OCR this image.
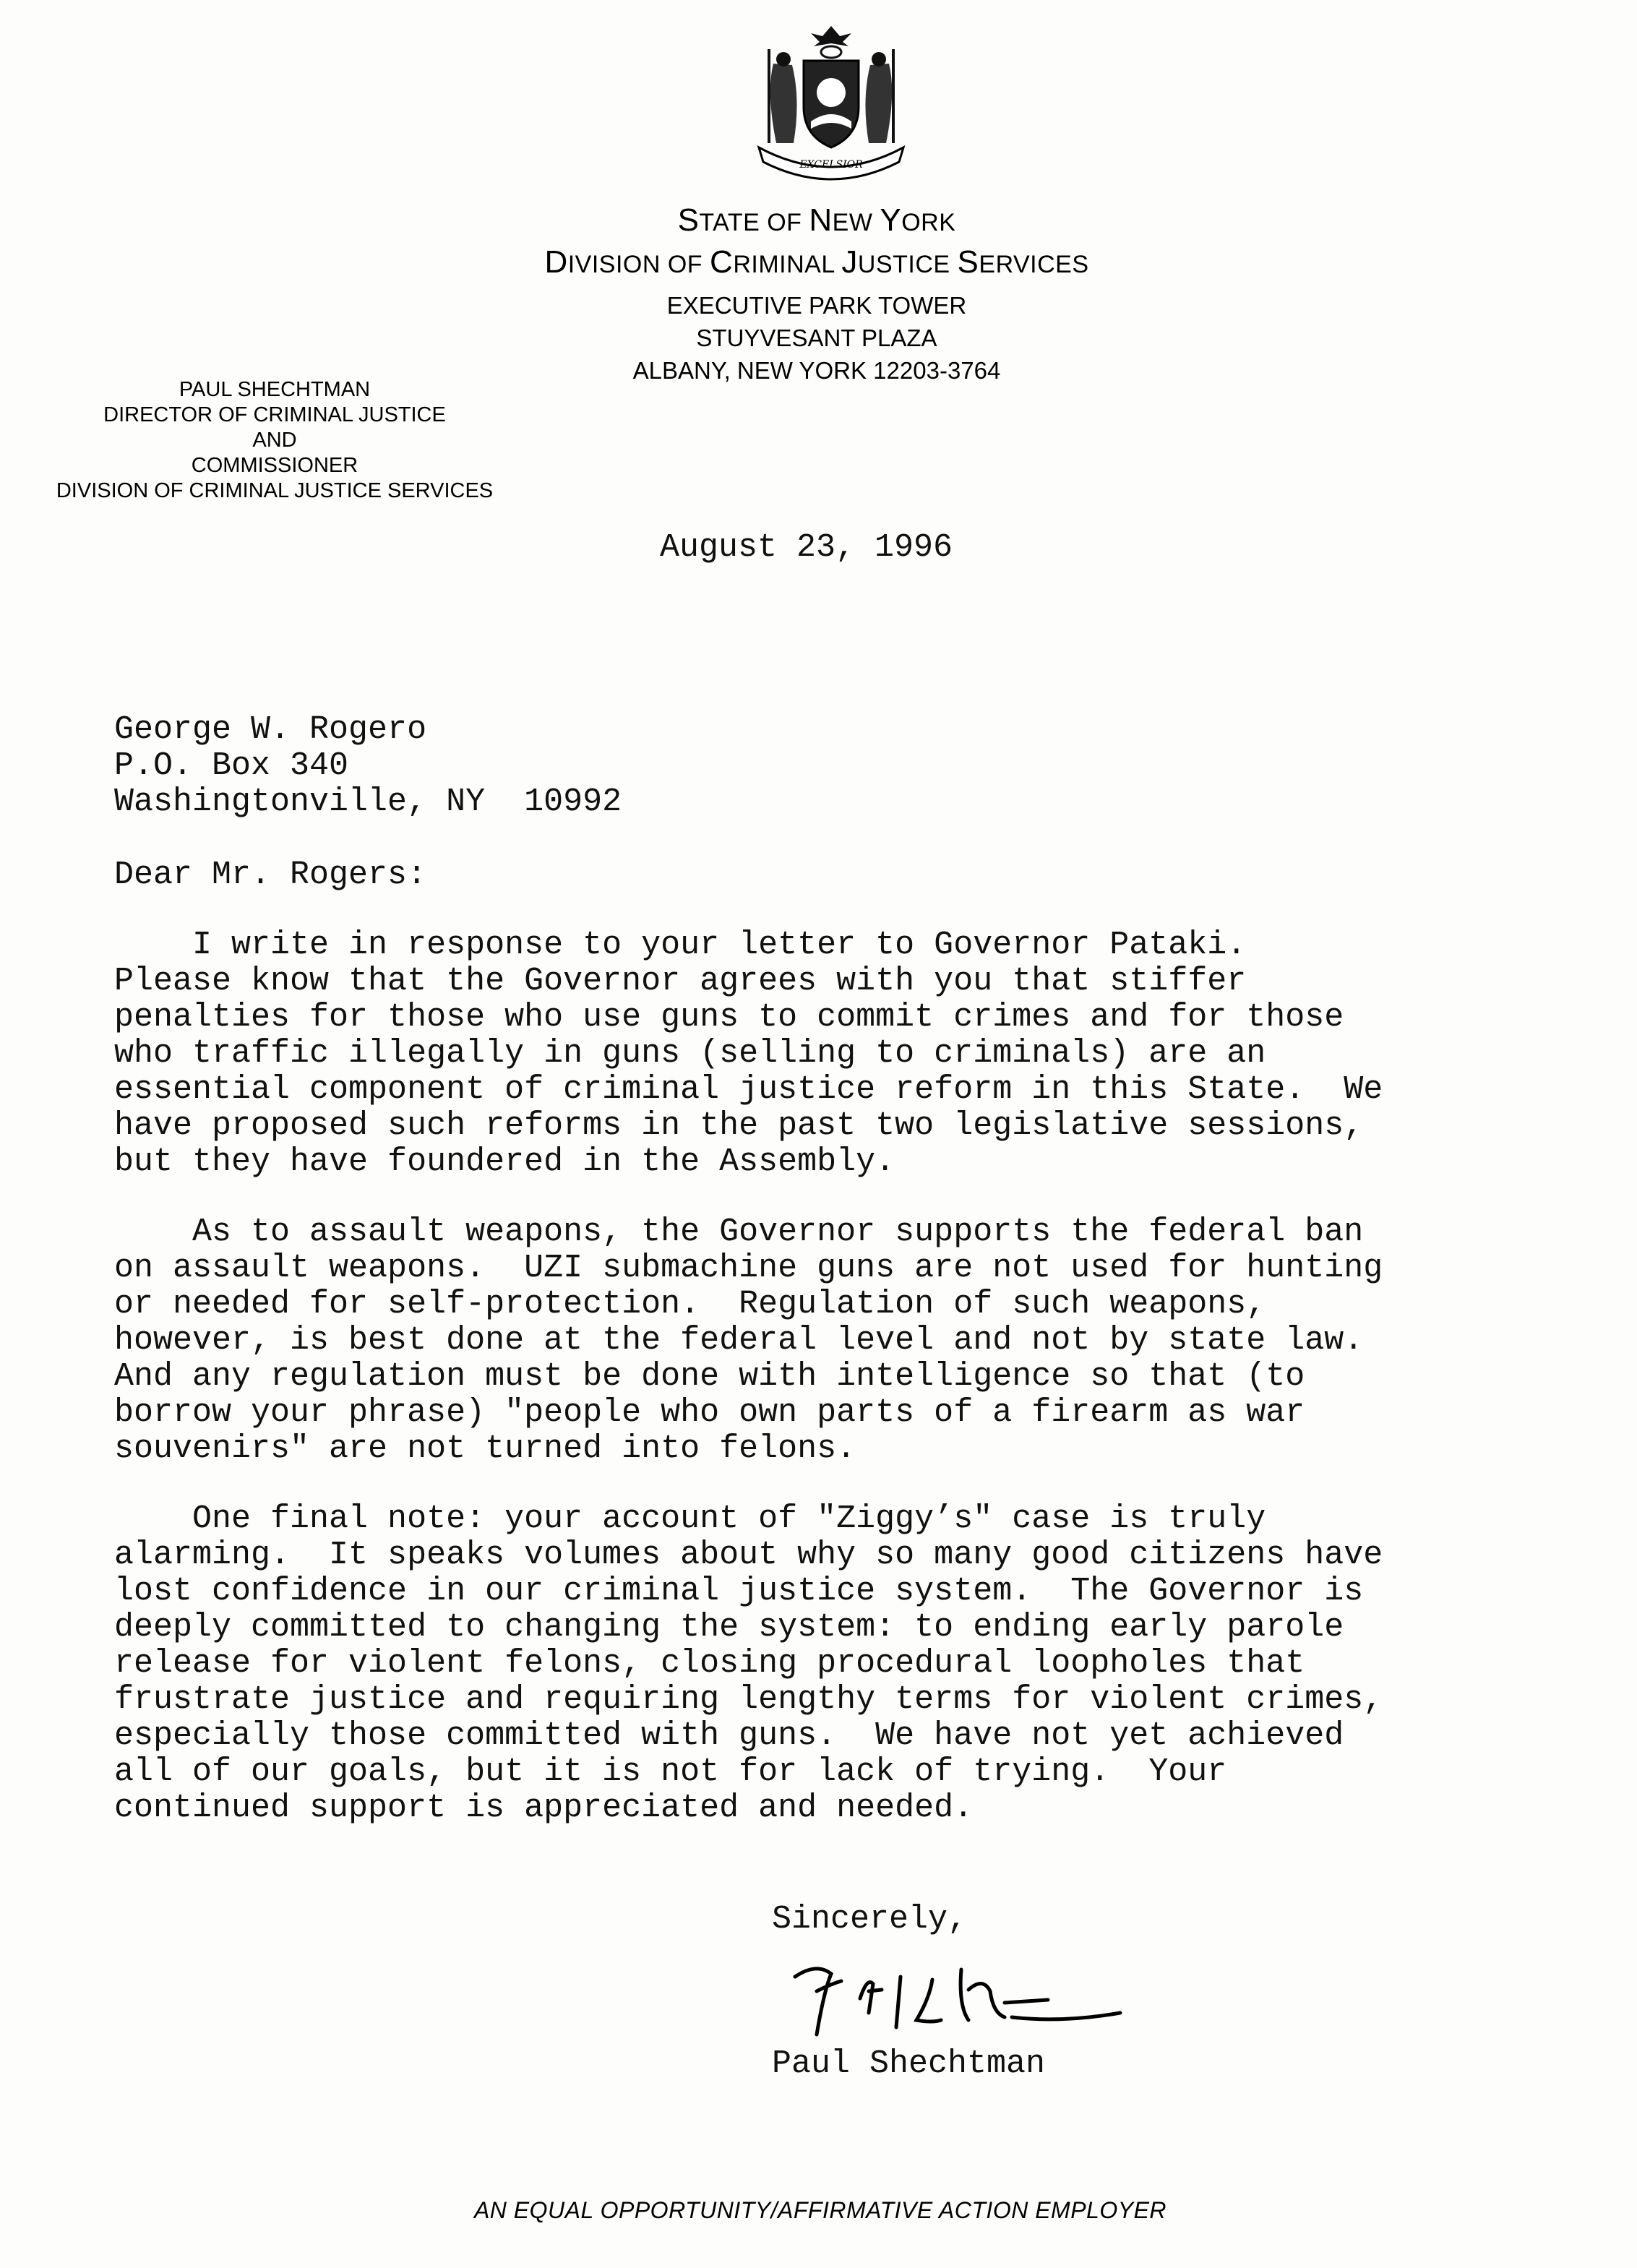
EXCELSIOR
STATE OF NEW YORK
DIVISION OF CRIMINAL JUSTICE SERVICES
EXECUTIVE PARK TOWER
STUYVESANT PLAZA
ALBANY, NEW YORK 12203-3764
PAUL SHECHTMAN
DIRECTOR OF CRIMINAL JUSTICE
AND
COMMISSIONER
DIVISION OF CRIMINAL JUSTICE SERVICES
August 23, 1996
George W. Rogero
P.O. Box 340
Washingtonville, NY  10992
Dear Mr. Rogers:
I write in response to your letter to Governor Pataki.
Please know that the Governor agrees with you that stiffer
penalties for those who use guns to commit crimes and for those
who traffic illegally in guns (selling to criminals) are an
essential component of criminal justice reform in this State.  We
have proposed such reforms in the past two legislative sessions,
but they have foundered in the Assembly.
As to assault weapons, the Governor supports the federal ban
on assault weapons.  UZI submachine guns are not used for hunting
or needed for self-protection.  Regulation of such weapons,
however, is best done at the federal level and not by state law.
And any regulation must be done with intelligence so that (to
borrow your phrase) "people who own parts of a firearm as war
souvenirs" are not turned into felons.
One final note: your account of "Ziggy’s" case is truly
alarming.  It speaks volumes about why so many good citizens have
lost confidence in our criminal justice system.  The Governor is
deeply committed to changing the system: to ending early parole
release for violent felons, closing procedural loopholes that
frustrate justice and requiring lengthy terms for violent crimes,
especially those committed with guns.  We have not yet achieved
all of our goals, but it is not for lack of trying.  Your
continued support is appreciated and needed.
Sincerely,
Paul Shechtman
AN EQUAL OPPORTUNITY/AFFIRMATIVE ACTION EMPLOYER
